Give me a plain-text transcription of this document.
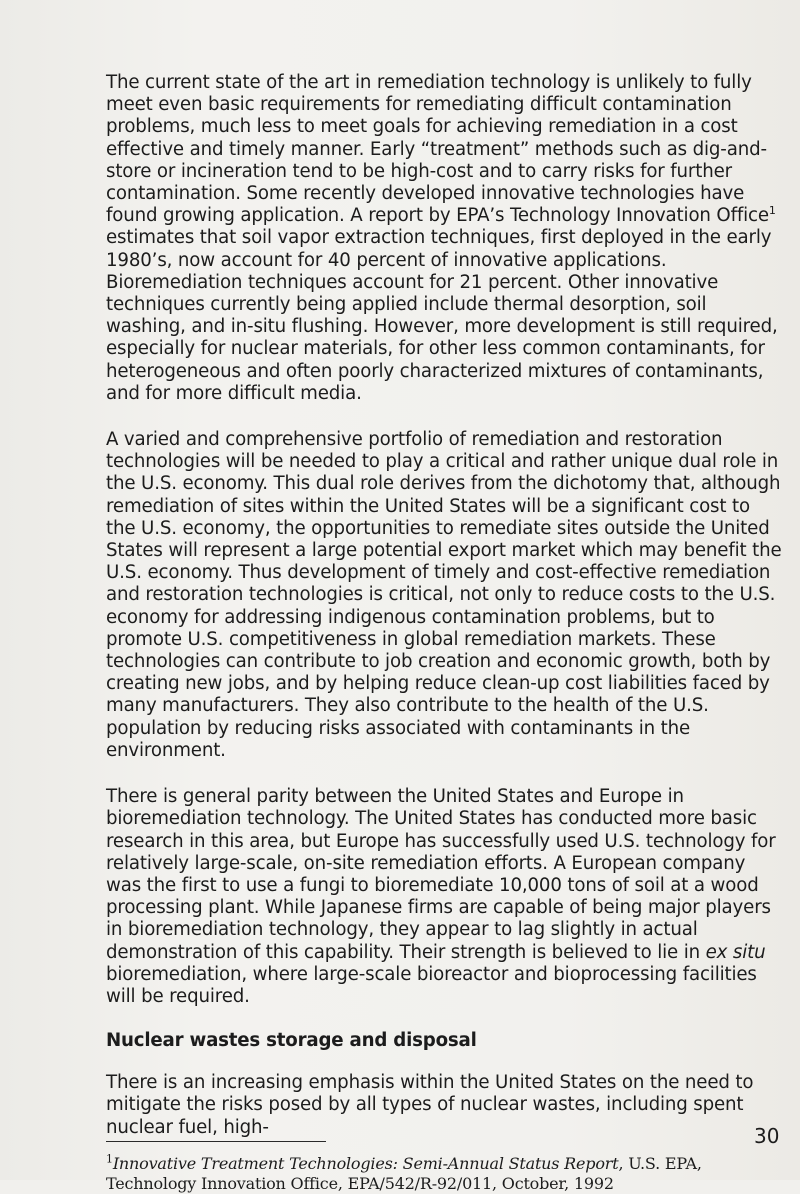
The current state of the art in remediation technology is unlikely to fully meet even basic requirements for remediating difficult contamination problems, much less to meet goals for achieving remediation in a cost effective and timely manner. Early “treatment” methods such as dig-and-store or incineration tend to be high-cost and to carry risks for further contamination. Some recently developed innovative technologies have found growing application. A report by EPA’s Technology Innovation Office$^1$ estimates that soil vapor extraction techniques, first deployed in the early 1980’s, now account for 40 percent of innovative applications. Bioremediation techniques account for 21 percent. Other innovative techniques currently being applied include thermal desorption, soil washing, and in-situ flushing. However, more development is still required, especially for nuclear materials, for other less common contaminants, for heterogeneous and often poorly characterized mixtures of contaminants, and for more difficult media.

A varied and comprehensive portfolio of remediation and restoration technologies will be needed to play a critical and rather unique dual role in the U.S. economy. This dual role derives from the dichotomy that, although remediation of sites within the United States will be a significant cost to the U.S. economy, the opportunities to remediate sites outside the United States will represent a large potential export market which may benefit the U.S. economy. Thus development of timely and cost-effective remediation and restoration technologies is critical, not only to reduce costs to the U.S. economy for addressing indigenous contamination problems, but to promote U.S. competitiveness in global remediation markets. These technologies can contribute to job creation and economic growth, both by creating new jobs, and by helping reduce clean-up cost liabilities faced by many manufacturers. They also contribute to the health of the U.S. population by reducing risks associated with contaminants in the environment.

There is general parity between the United States and Europe in bioremediation technology. The United States has conducted more basic research in this area, but Europe has successfully used U.S. technology for relatively large-scale, on-site remediation efforts. A European company was the first to use a fungi to bioremediate 10,000 tons of soil at a wood processing plant. While Japanese firms are capable of being major players in bioremediation technology, they appear to lag slightly in actual demonstration of this capability. Their strength is believed to lie in ex situ bioremediation, where large-scale bioreactor and bioprocessing facilities will be required.

Nuclear wastes storage and disposal

There is an increasing emphasis within the United States on the need to mitigate the risks posed by all types of nuclear wastes, including spent nuclear fuel, high-

$^1$Innovative Treatment Technologies: Semi-Annual Status Report, U.S. EPA, Technology Innovation Office, EPA/542/R-92/011, October, 1992
30
